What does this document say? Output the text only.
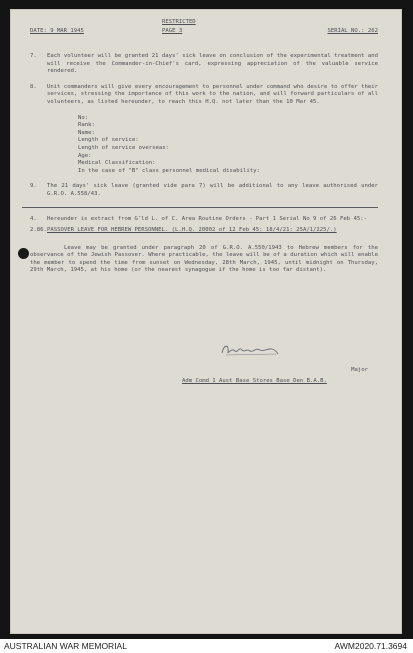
RESTRICTED
DATE: 9 MAR 1945	PAGE 3	SERIAL NO.: 262
7.	Each volunteer will be granted 21 days' sick leave on conclusion of the experimental treatment and will receive the Commander-in-Chief's card, expressing appreciation of the valuable service rendered.
8.	Unit commanders will give every encouragement to personnel under command who desire to offer their services, stressing the importance of this work to the nation, and will forward particulars of all volunteers, as listed hereunder, to reach this H.Q. not later than the 10 Mar 45.
No:
Rank:
Name:
Length of service:
Length of service overseas:
Age:
Medical Classification:
In the case of "B" class personnel medical disability:
9.	The 21 days' sick leave (granted vide para 7) will be additional to any leave authorised under G.R.O. A.558/43.
4.	Hereunder is extract from G'ld L. of C. Area Routine Orders - Part 1 Serial No 9 of 26 Feb 45:-
2.86. PASSOVER LEAVE FOR HEBREW PERSONNEL. (L.H.Q. 20002 of 12 Feb 45: 18/4/21: 25A/1/225/.)
Leave may be granted under paragraph 20 of G.R.O. A.550/1943 to Hebrew members for the observance of the Jewish Passover. Where practicable, the leave will be of a duration which will enable the member to spend the time from sunset on Wednesday, 28th March, 1945, until midnight on Thursday, 29th March, 1945, at his home (or the nearest synagogue if the home is too far distant).
Major
Adm Comd 1 Aust Base Stores Base Den B.A.B.
AUSTRALIAN WAR MEMORIAL	AWM2020.71.3694
